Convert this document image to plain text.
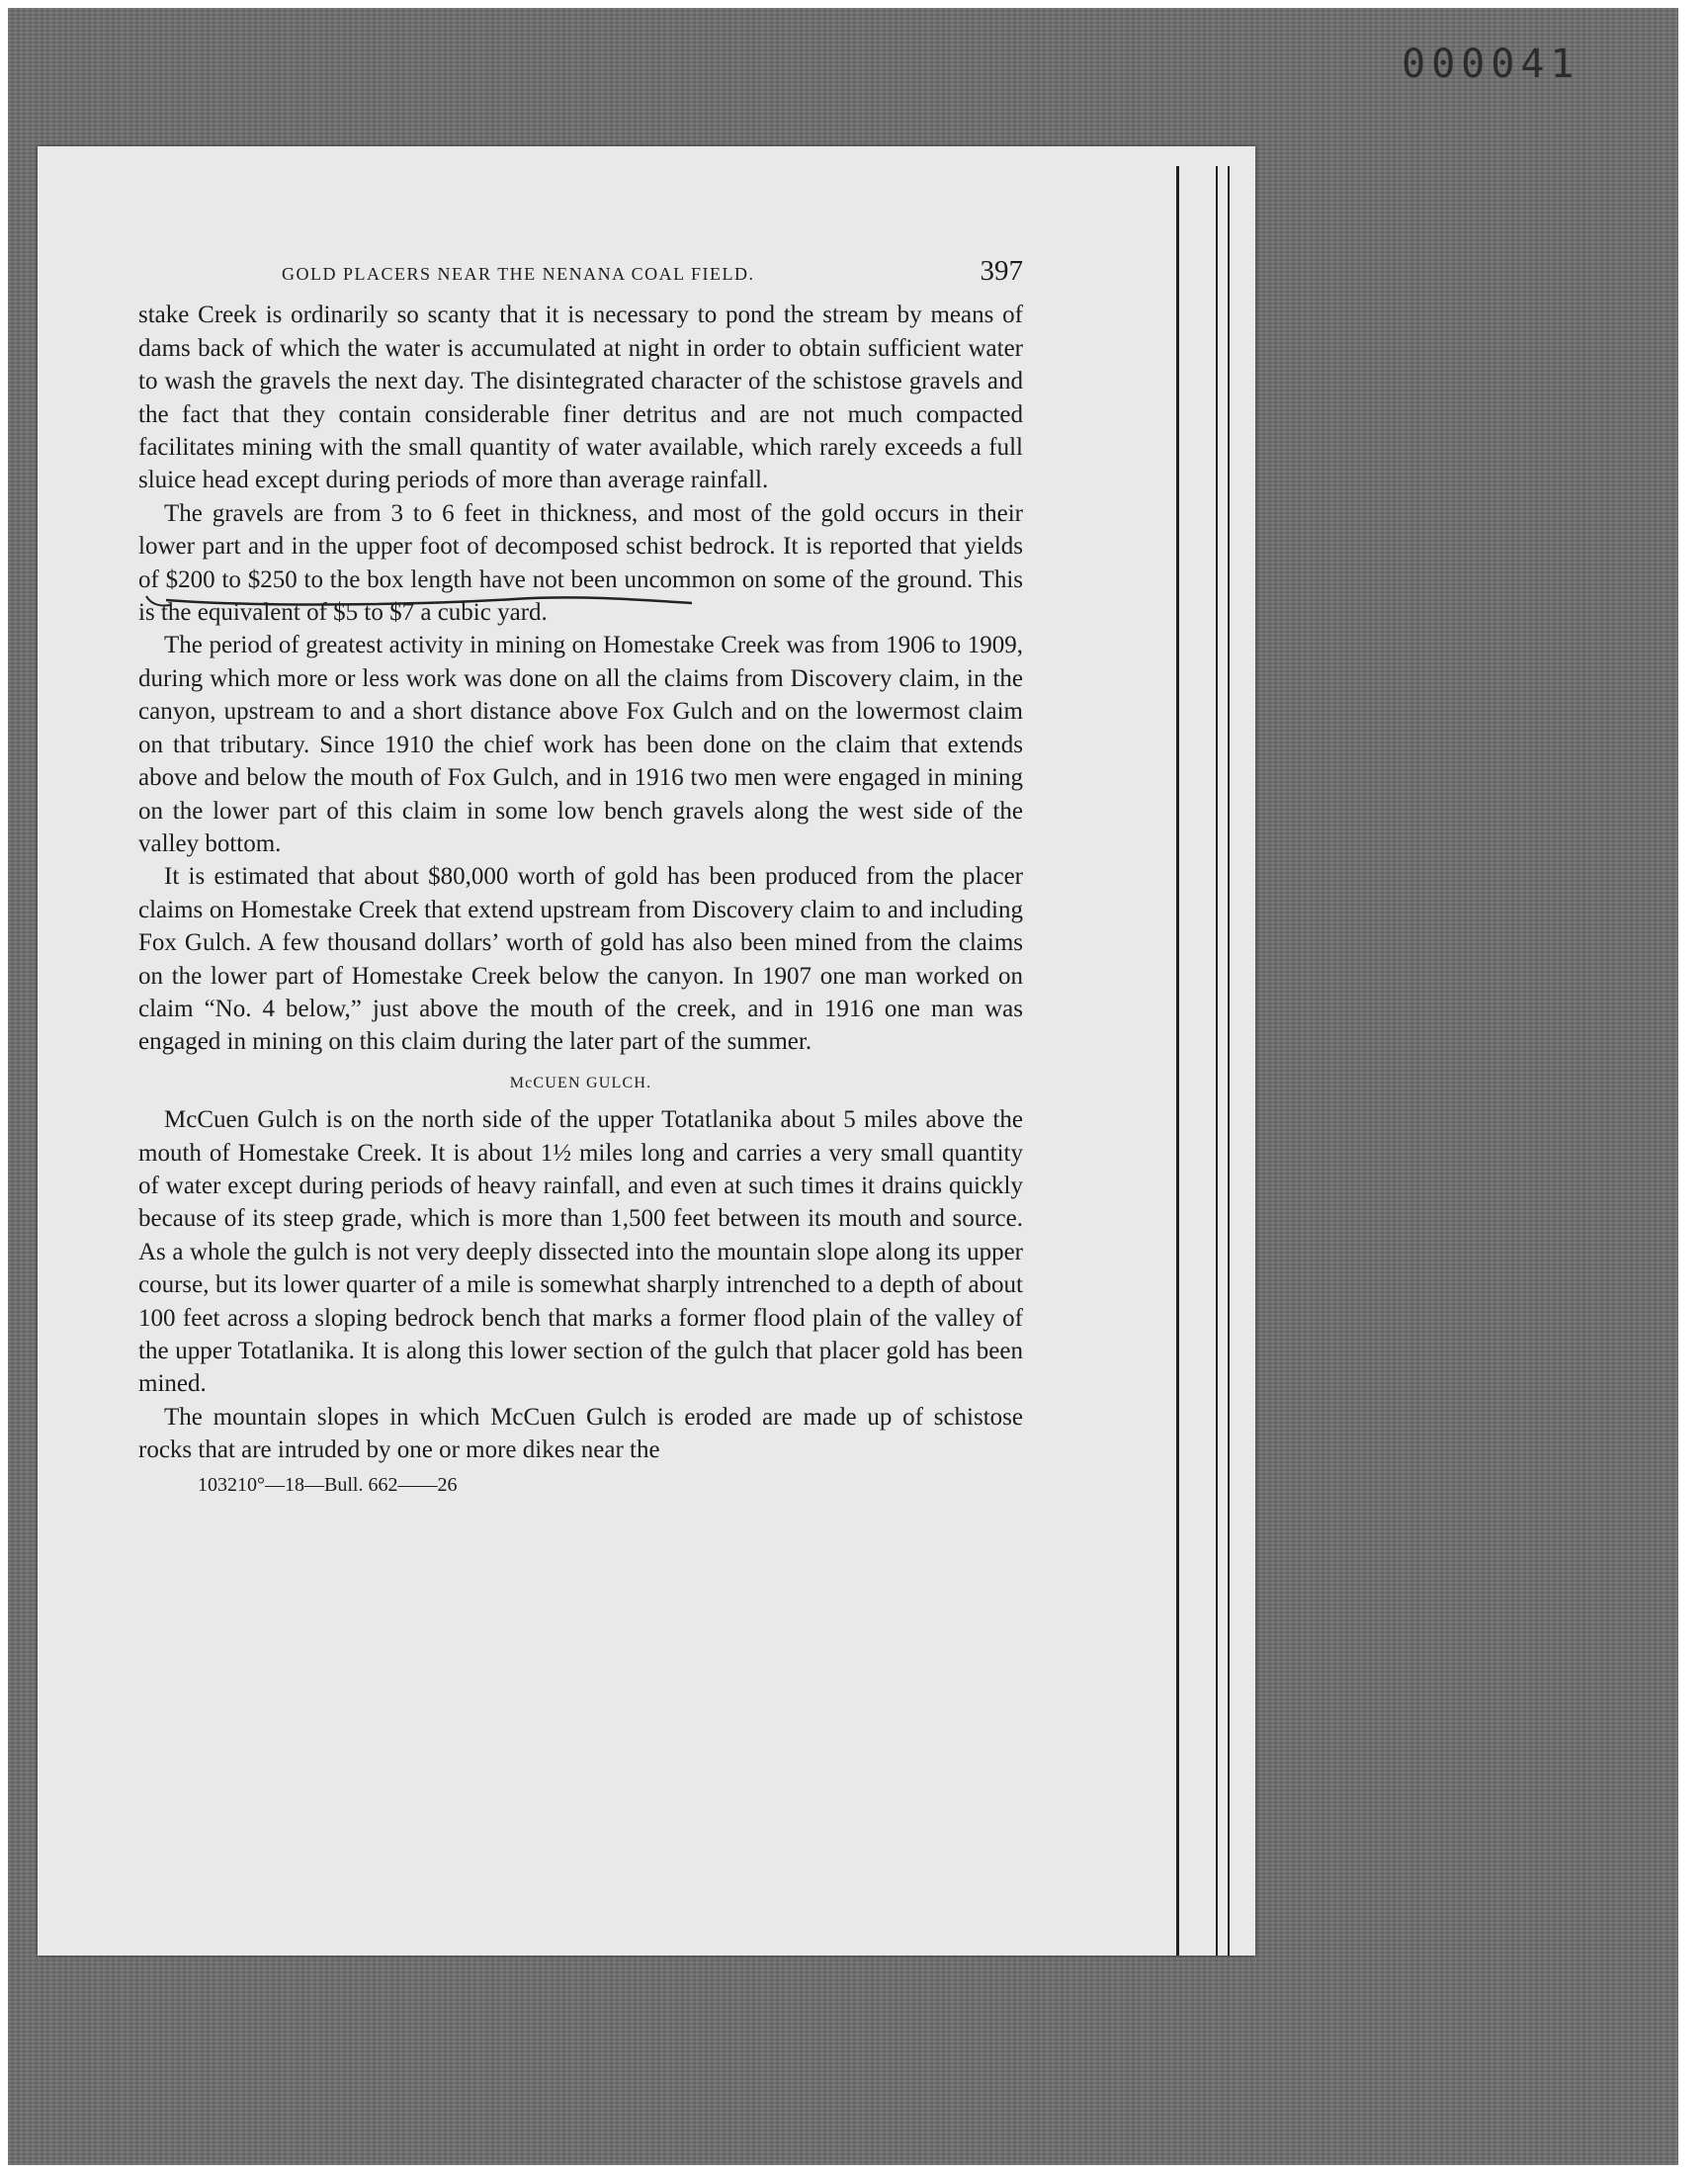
000041
GOLD PLACERS NEAR THE NENANA COAL FIELD.	397

stake Creek is ordinarily so scanty that it is necessary to pond the stream by means of dams back of which the water is accumulated at night in order to obtain sufficient water to wash the gravels the next day. The disintegrated character of the schistose gravels and the fact that they contain considerable finer detritus and are not much compacted facilitates mining with the small quantity of water available, which rarely exceeds a full sluice head except during periods of more than average rainfall.

The gravels are from 3 to 6 feet in thickness, and most of the gold occurs in their lower part and in the upper foot of decomposed schist bedrock. It is reported that yields of $200 to $250 to the box length have not been uncommon on some of the ground. This is the equivalent of $5 to $7 a cubic yard.

The period of greatest activity in mining on Homestake Creek was from 1906 to 1909, during which more or less work was done on all the claims from Discovery claim, in the canyon, upstream to and a short distance above Fox Gulch and on the lowermost claim on that tributary. Since 1910 the chief work has been done on the claim that extends above and below the mouth of Fox Gulch, and in 1916 two men were engaged in mining on the lower part of this claim in some low bench gravels along the west side of the valley bottom.

It is estimated that about $80,000 worth of gold has been produced from the placer claims on Homestake Creek that extend upstream from Discovery claim to and including Fox Gulch. A few thousand dollars’ worth of gold has also been mined from the claims on the lower part of Homestake Creek below the canyon. In 1907 one man worked on claim “No. 4 below,” just above the mouth of the creek, and in 1916 one man was engaged in mining on this claim during the later part of the summer.

McCUEN GULCH.

McCuen Gulch is on the north side of the upper Totatlanika about 5 miles above the mouth of Homestake Creek. It is about 1½ miles long and carries a very small quantity of water except during periods of heavy rainfall, and even at such times it drains quickly because of its steep grade, which is more than 1,500 feet between its mouth and source. As a whole the gulch is not very deeply dissected into the mountain slope along its upper course, but its lower quarter of a mile is somewhat sharply intrenched to a depth of about 100 feet across a sloping bedrock bench that marks a former flood plain of the valley of the upper Totatlanika. It is along this lower section of the gulch that placer gold has been mined.

The mountain slopes in which McCuen Gulch is eroded are made up of schistose rocks that are intruded by one or more dikes near the

103210°—18—Bull. 662——26
